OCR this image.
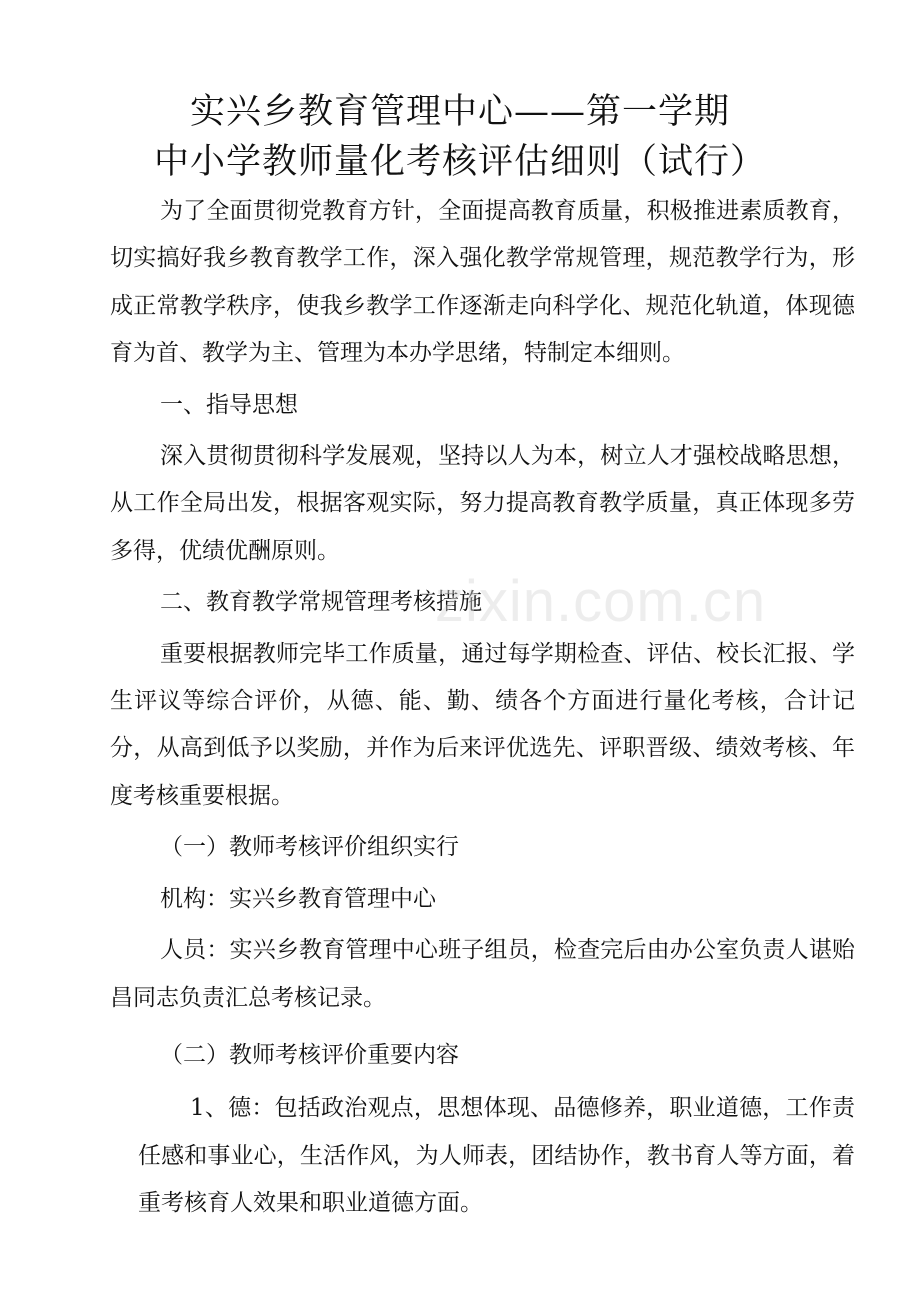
实兴乡教育管理中心——第一学期
中小学教师量化考核评估细则（试行）

为了全面贯彻党教育方针，全面提高教育质量，积极推进素质教育，切实搞好我乡教育教学工作，深入强化教学常规管理，规范教学行为，形成正常教学秩序，使我乡教学工作逐渐走向科学化、规范化轨道，体现德育为首、教学为主、管理为本办学思绪，特制定本细则。

一、指导思想

深入贯彻贯彻科学发展观，坚持以人为本，树立人才强校战略思想，从工作全局出发，根据客观实际，努力提高教育教学质量，真正体现多劳多得，优绩优酬原则。

二、教育教学常规管理考核措施

重要根据教师完毕工作质量，通过每学期检查、评估、校长汇报、学生评议等综合评价，从德、能、勤、绩各个方面进行量化考核，合计记分，从高到低予以奖励，并作为后来评优选先、评职晋级、绩效考核、年度考核重要根据。

（一）教师考核评价组织实行

机构：实兴乡教育管理中心

人员：实兴乡教育管理中心班子组员，检查完后由办公室负责人谌贻昌同志负责汇总考核记录。

（二）教师考核评价重要内容

1、德：包括政治观点，思想体现、品德修养，职业道德，工作责任感和事业心，生活作风，为人师表，团结协作，教书育人等方面，着重考核育人效果和职业道德方面。

zixin.com.cn
